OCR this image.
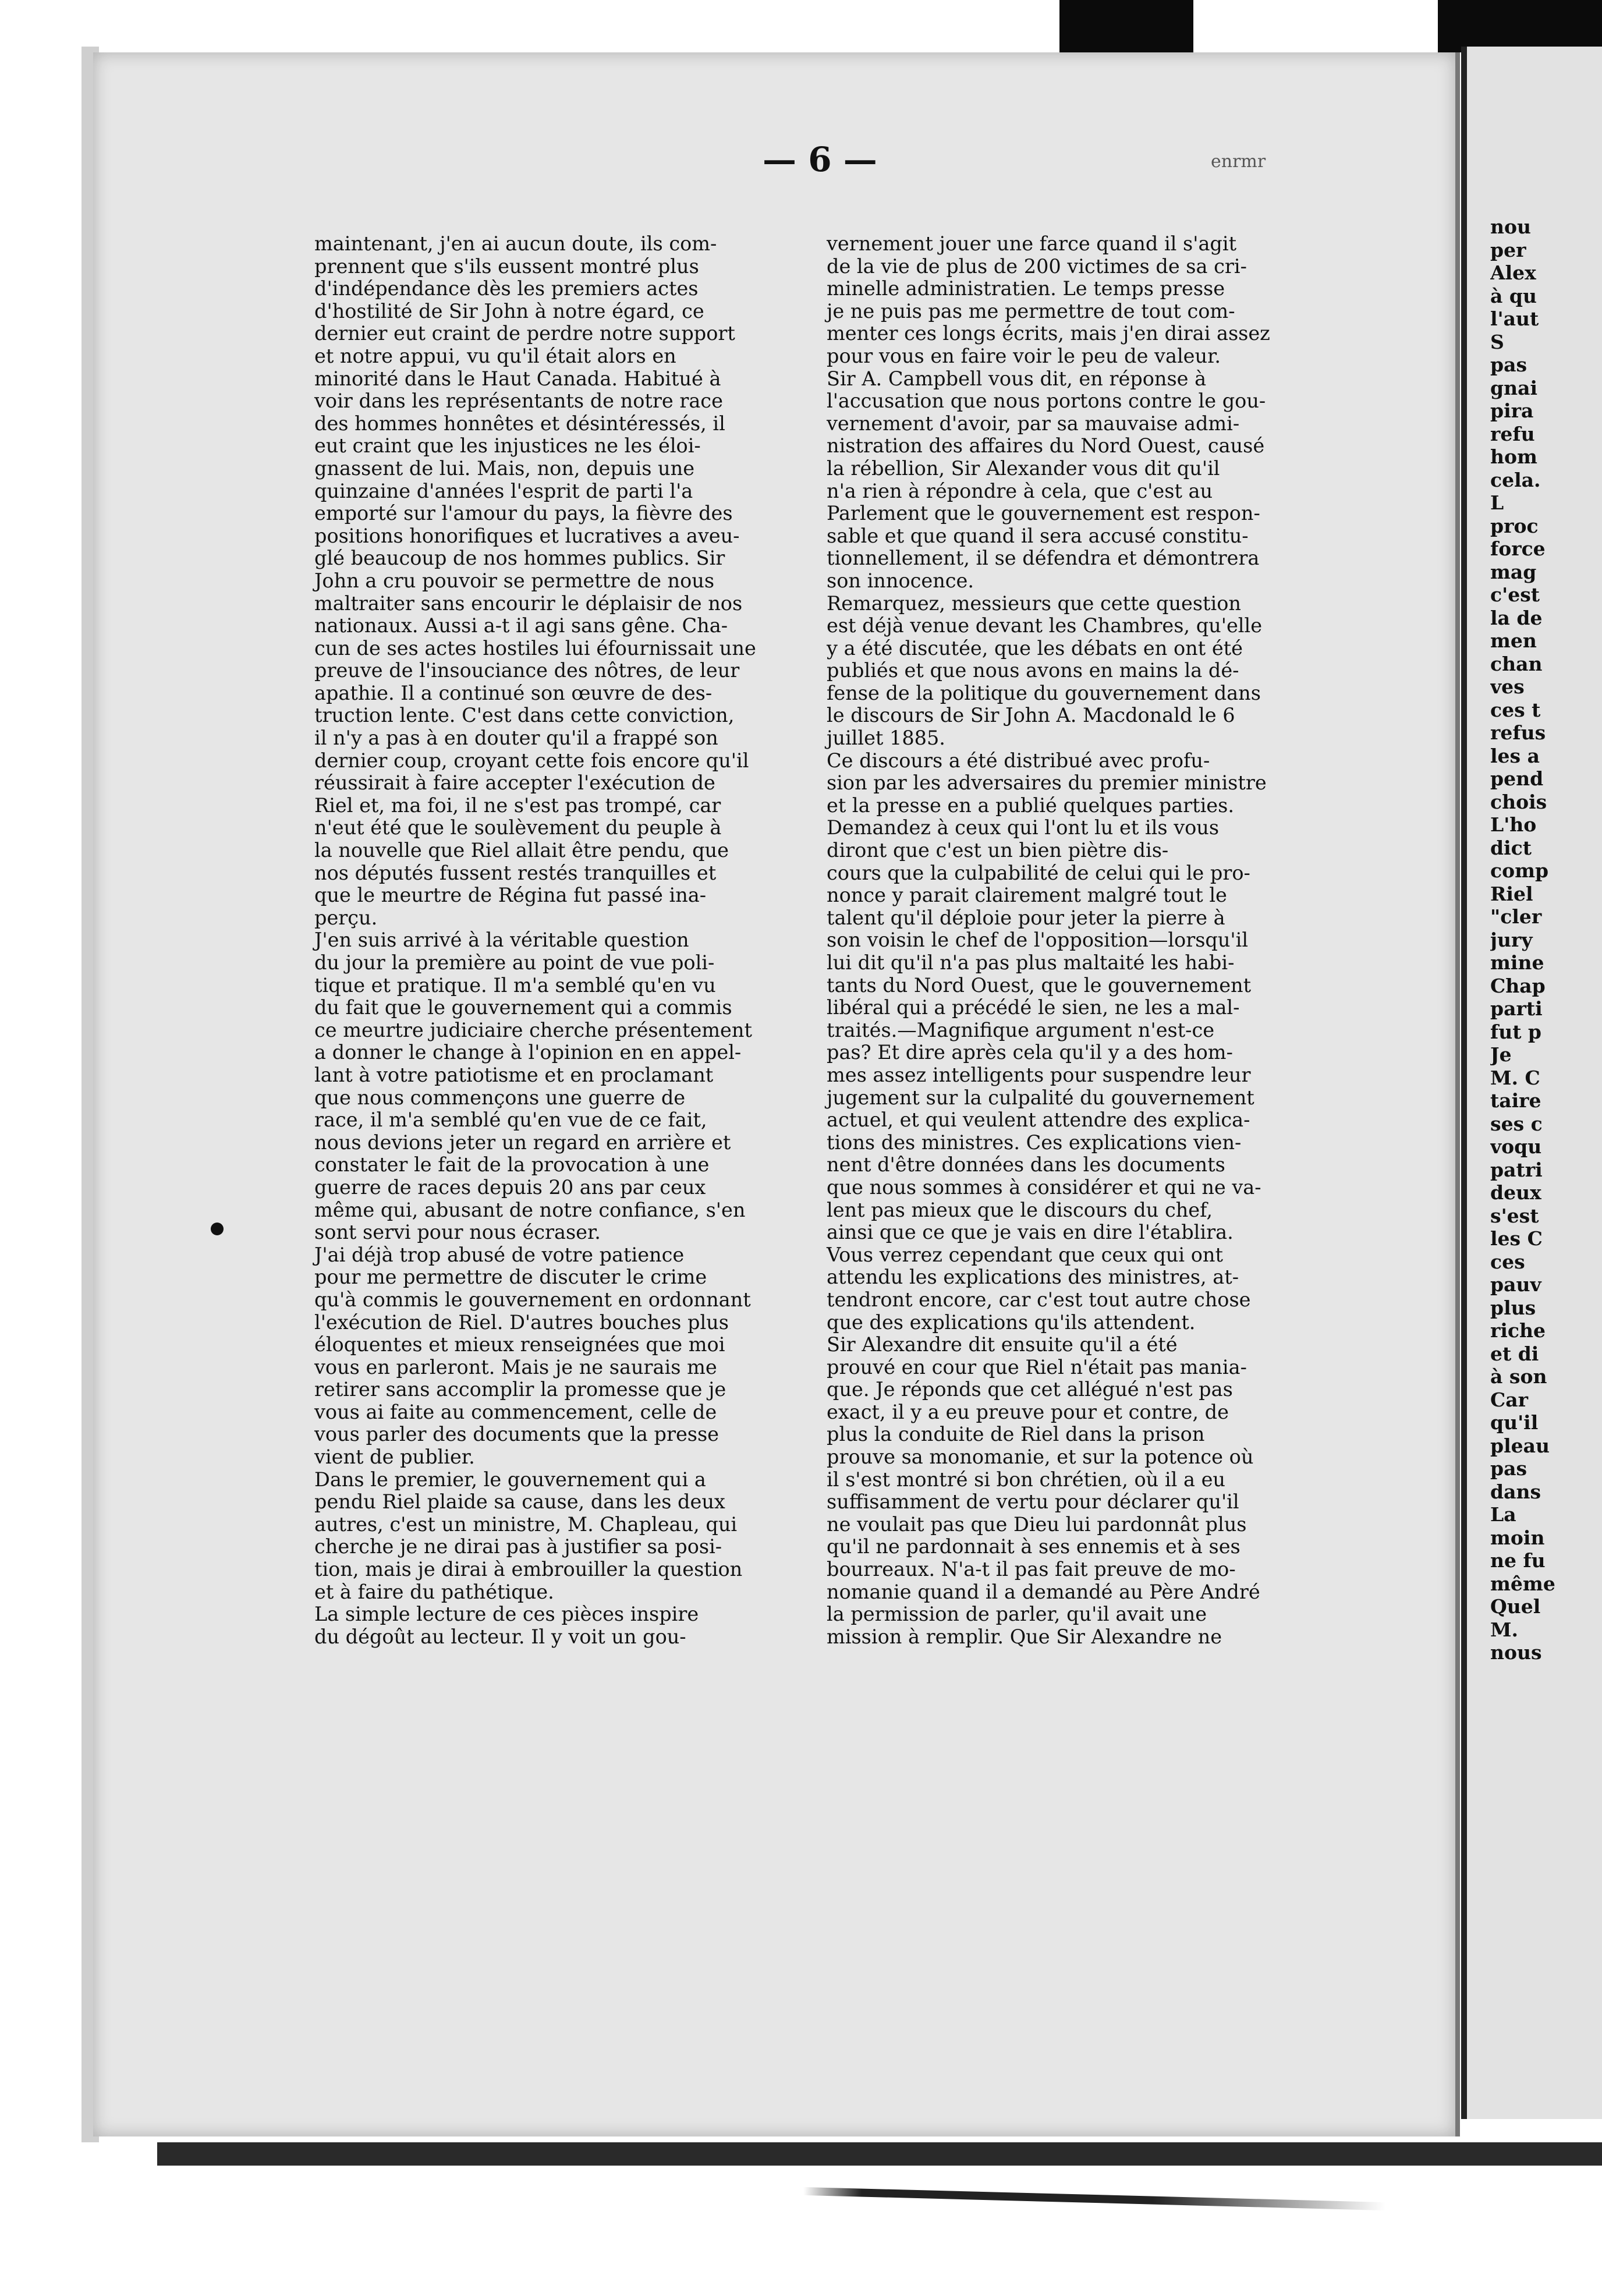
— 6 —	enrmr
maintenant, j'en ai aucun doute, ils com-
prennent que s'ils eussent montré plus
d'indépendance dès les premiers actes
d'hostilité de Sir John à notre égard, ce
dernier eut craint de perdre notre support
et notre appui, vu qu'il était alors en
minorité dans le Haut Canada. Habitué à
voir dans les représentants de notre race
des hommes honnêtes et désintéressés, il
eut craint que les injustices ne les éloi-
gnassent de lui. Mais, non, depuis une
quinzaine d'années l'esprit de parti l'a
emporté sur l'amour du pays, la fièvre des
positions honorifiques et lucratives a aveu-
glé beaucoup de nos hommes publics. Sir
John a cru pouvoir se permettre de nous
maltraiter sans encourir le déplaisir de nos
nationaux. Aussi a-t il agi sans gêne. Cha-
cun de ses actes hostiles lui éfournissait une
preuve de l'insouciance des nôtres, de leur
apathie. Il a continué son œuvre de des-
truction lente. C'est dans cette conviction,
il n'y a pas à en douter qu'il a frappé son
dernier coup, croyant cette fois encore qu'il
réussirait à faire accepter l'exécution de
Riel et, ma foi, il ne s'est pas trompé, car
n'eut été que le soulèvement du peuple à
la nouvelle que Riel allait être pendu, que
nos députés fussent restés tranquilles et
que le meurtre de Régina fut passé ina-
perçu.
J'en suis arrivé à la véritable question
du jour la première au point de vue poli-
tique et pratique. Il m'a semblé qu'en vu
du fait que le gouvernement qui a commis
ce meurtre judiciaire cherche présentement
a donner le change à l'opinion en en appel-
lant à votre patiotisme et en proclamant
que nous commençons une guerre de
race, il m'a semblé qu'en vue de ce fait,
nous devions jeter un regard en arrière et
constater le fait de la provocation à une
guerre de races depuis 20 ans par ceux
même qui, abusant de notre confiance, s'en
sont servi pour nous écraser.
J'ai déjà trop abusé de votre patience
pour me permettre de discuter le crime
qu'à commis le gouvernement en ordonnant
l'exécution de Riel. D'autres bouches plus
éloquentes et mieux renseignées que moi
vous en parleront. Mais je ne saurais me
retirer sans accomplir la promesse que je
vous ai faite au commencement, celle de
vous parler des documents que la presse
vient de publier.
Dans le premier, le gouvernement qui a
pendu Riel plaide sa cause, dans les deux
autres, c'est un ministre, M. Chapleau, qui
cherche je ne dirai pas à justifier sa posi-
tion, mais je dirai à embrouiller la question
et à faire du pathétique.
La simple lecture de ces pièces inspire
du dégoût au lecteur. Il y voit un gou-
vernement jouer une farce quand il s'agit
de la vie de plus de 200 victimes de sa cri-
minelle administratien. Le temps presse
je ne puis pas me permettre de tout com-
menter ces longs écrits, mais j'en dirai assez
pour vous en faire voir le peu de valeur.
Sir A. Campbell vous dit, en réponse à
l'accusation que nous portons contre le gou-
vernement d'avoir, par sa mauvaise admi-
nistration des affaires du Nord Ouest, causé
la rébellion, Sir Alexander vous dit qu'il
n'a rien à répondre à cela, que c'est au
Parlement que le gouvernement est respon-
sable et que quand il sera accusé constitu-
tionnellement, il se défendra et démontrera
son innocence.
Remarquez, messieurs que cette question
est déjà venue devant les Chambres, qu'elle
y a été discutée, que les débats en ont été
publiés et que nous avons en mains la dé-
fense de la politique du gouvernement dans
le discours de Sir John A. Macdonald le 6
juillet 1885.
Ce discours a été distribué avec profu-
sion par les adversaires du premier ministre
et la presse en a publié quelques parties.
Demandez à ceux qui l'ont lu et ils vous
diront que c'est un bien piètre dis-
cours que la culpabilité de celui qui le pro-
nonce y parait clairement malgré tout le
talent qu'il déploie pour jeter la pierre à
son voisin le chef de l'opposition—lorsqu'il
lui dit qu'il n'a pas plus maltaité les habi-
tants du Nord Ouest, que le gouvernement
libéral qui a précédé le sien, ne les a mal-
traités.—Magnifique argument n'est-ce
pas? Et dire après cela qu'il y a des hom-
mes assez intelligents pour suspendre leur
jugement sur la culpalité du gouvernement
actuel, et qui veulent attendre des explica-
tions des ministres. Ces explications vien-
nent d'être données dans les documents
que nous sommes à considérer et qui ne va-
lent pas mieux que le discours du chef,
ainsi que ce que je vais en dire l'établira.
Vous verrez cependant que ceux qui ont
attendu les explications des ministres, at-
tendront encore, car c'est tout autre chose
que des explications qu'ils attendent.
Sir Alexandre dit ensuite qu'il a été
prouvé en cour que Riel n'était pas mania-
que. Je réponds que cet allégué n'est pas
exact, il y a eu preuve pour et contre, de
plus la conduite de Riel dans la prison
prouve sa monomanie, et sur la potence où
il s'est montré si bon chrétien, où il a eu
suffisamment de vertu pour déclarer qu'il
ne voulait pas que Dieu lui pardonnât plus
qu'il ne pardonnait à ses ennemis et à ses
bourreaux. N'a-t il pas fait preuve de mo-
nomanie quand il a demandé au Père André
la permission de parler, qu'il avait une
mission à remplir. Que Sir Alexandre ne
nou
per
Alex
à qu
l'aut
S
pas
gnai
pira
refu
hom
cela.
L
proc
force
mag
c'est
la de
men
chan
ves
ces t
refus
les a
pend
chois
L'ho
dict
comp
Riel
"cler
jury
mine
Chap
parti
fut p
Je
M. C
taire
ses c
voqu
patri
deux
s'est
les C
ces
pauv
plus
riche
et di
à son
Car
qu'il
pleau
pas
dans
La
moin
ne fu
même
Quel
M.
nous
